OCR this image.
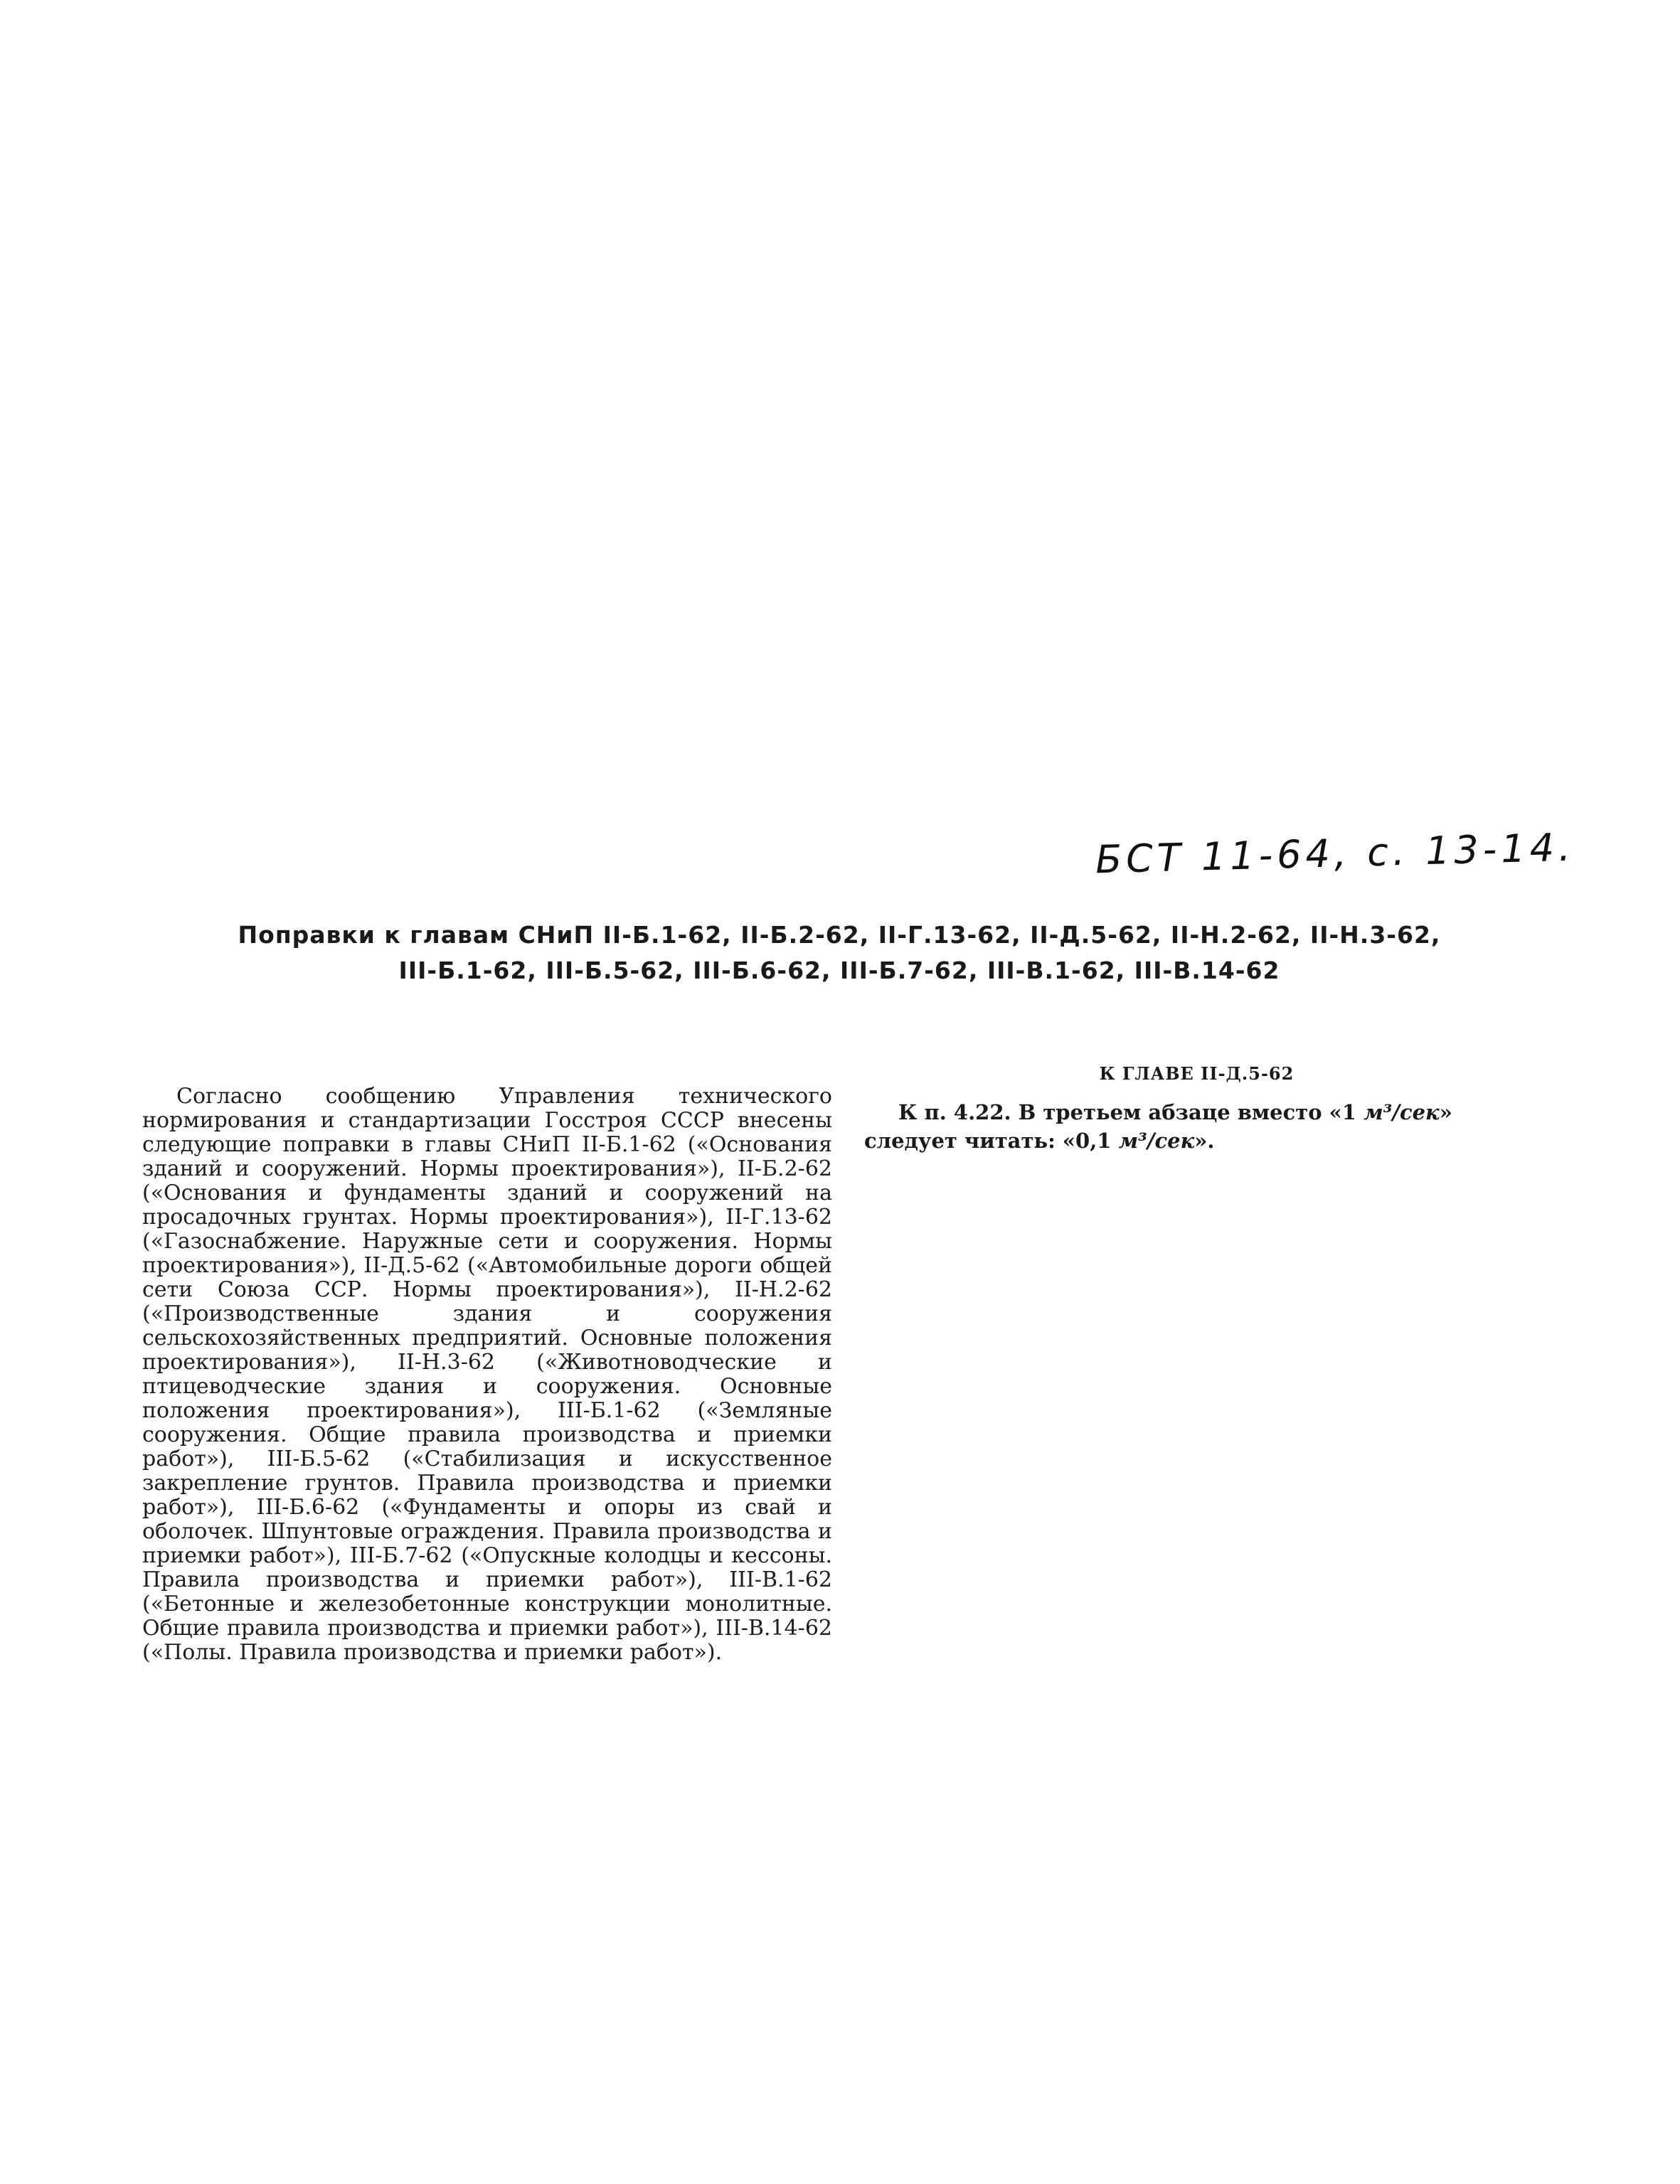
БСТ 11-64, с. 13-14.
Поправки к главам СНиП II-Б.1-62, II-Б.2-62, II-Г.13-62, II-Д.5-62, II-Н.2-62, II-Н.3-62,
III-Б.1-62, III-Б.5-62, III-Б.6-62, III-Б.7-62, III-В.1-62, III-В.14-62

Согласно сообщению Управления технического нормирования и стандартизации Госстроя СССР внесены следующие поправки в главы СНиП II-Б.1-62 («Основания зданий и сооружений. Нормы проектирования»), II-Б.2-62 («Основания и фундаменты зданий и сооружений на просадочных грунтах. Нормы проектирования»), II-Г.13-62 («Газоснабжение. Наружные сети и сооружения. Нормы проектирования»), II-Д.5-62 («Автомобильные дороги общей сети Союза ССР. Нормы проектирования»), II-Н.2-62 («Производственные здания и сооружения сельскохозяйственных предприятий. Основные положения проектирования»), II-Н.3-62 («Животноводческие и птицеводческие здания и сооружения. Основные положения проектирования»), III-Б.1-62 («Земляные сооружения. Общие правила производства и приемки работ»), III-Б.5-62 («Стабилизация и искусственное закрепление грунтов. Правила производства и приемки работ»), III-Б.6-62 («Фундаменты и опоры из свай и оболочек. Шпунтовые ограждения. Правила производства и приемки работ»), III-Б.7-62 («Опускные колодцы и кессоны. Правила производства и приемки работ»), III-В.1-62 («Бетонные и железобетонные конструкции монолитные. Общие правила производства и приемки работ»), III-В.14-62 («Полы. Правила производства и приемки работ»).

К ГЛАВЕ II-Д.5-62

К п. 4.22. В третьем абзаце вместо «1 м³/сек» следует читать: «0,1 м³/сек».
